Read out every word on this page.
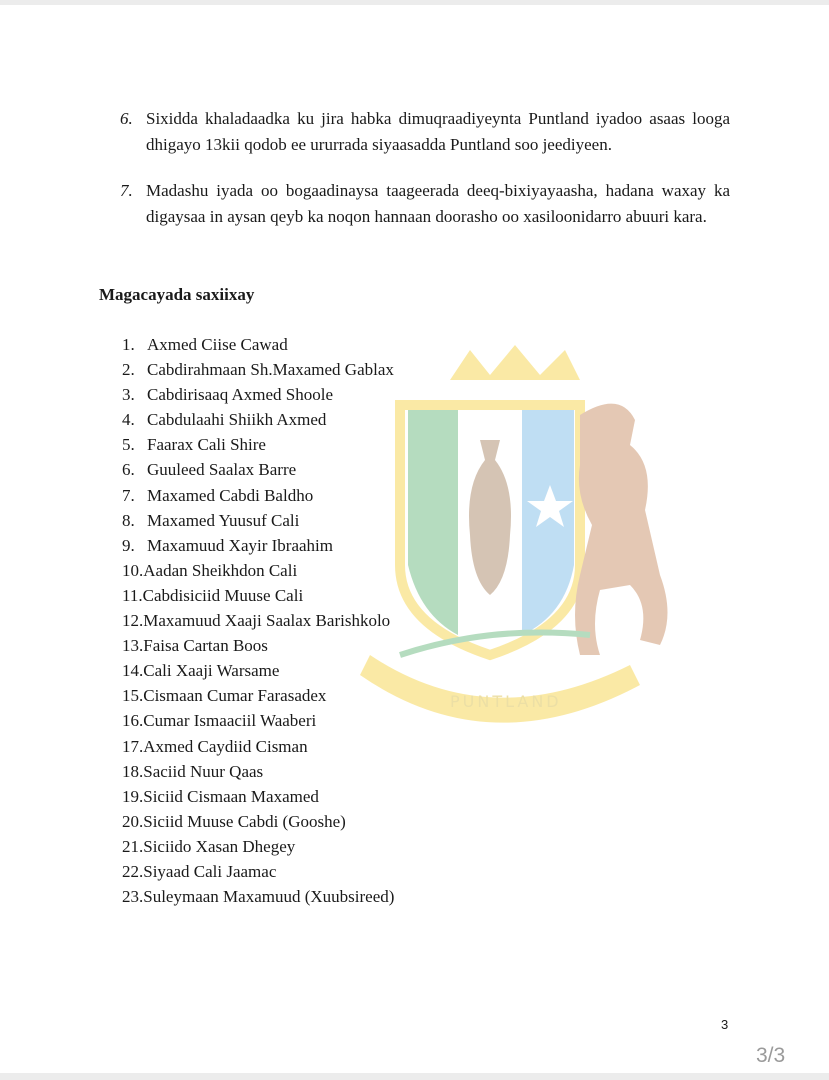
PUNTLAND
6. Sixidda khaladaadka ku jira habka dimuqraadiyeynta Puntland iyadoo asaas looga dhigayo 13kii qodob ee ururrada siyaasadda Puntland soo jeediyeen.
7. Madashu iyada oo bogaadinaysa taageerada deeq-bixiyayaasha, hadana waxay ka digaysaa in aysan qeyb ka noqon hannaan doorasho oo xasiloonidarro abuuri kara.
Magacayada saxiixay
1. Axmed Ciise Cawad
2. Cabdirahmaan Sh.Maxamed Gablax
3. Cabdirisaaq Axmed Shoole
4. Cabdulaahi Shiikh Axmed
5. Faarax Cali Shire
6. Guuleed Saalax Barre
7. Maxamed Cabdi Baldho
8. Maxamed Yuusuf Cali
9. Maxamuud Xayir Ibraahim
10. Aadan Sheikhdon Cali
11. Cabdisiciid Muuse Cali
12. Maxamuud Xaaji Saalax Barishkolo
13. Faisa Cartan Boos
14. Cali Xaaji Warsame
15. Cismaan Cumar Farasadex
16. Cumar Ismaaciil Waaberi
17. Axmed Caydiid Cisman
18. Saciid Nuur Qaas
19. Siciid Cismaan Maxamed
20. Siciid Muuse Cabdi (Gooshe)
21. Siciido Xasan Dhegey
22. Siyaad Cali Jaamac
23. Suleymaan Maxamuud (Xuubsireed)
3
3/3
